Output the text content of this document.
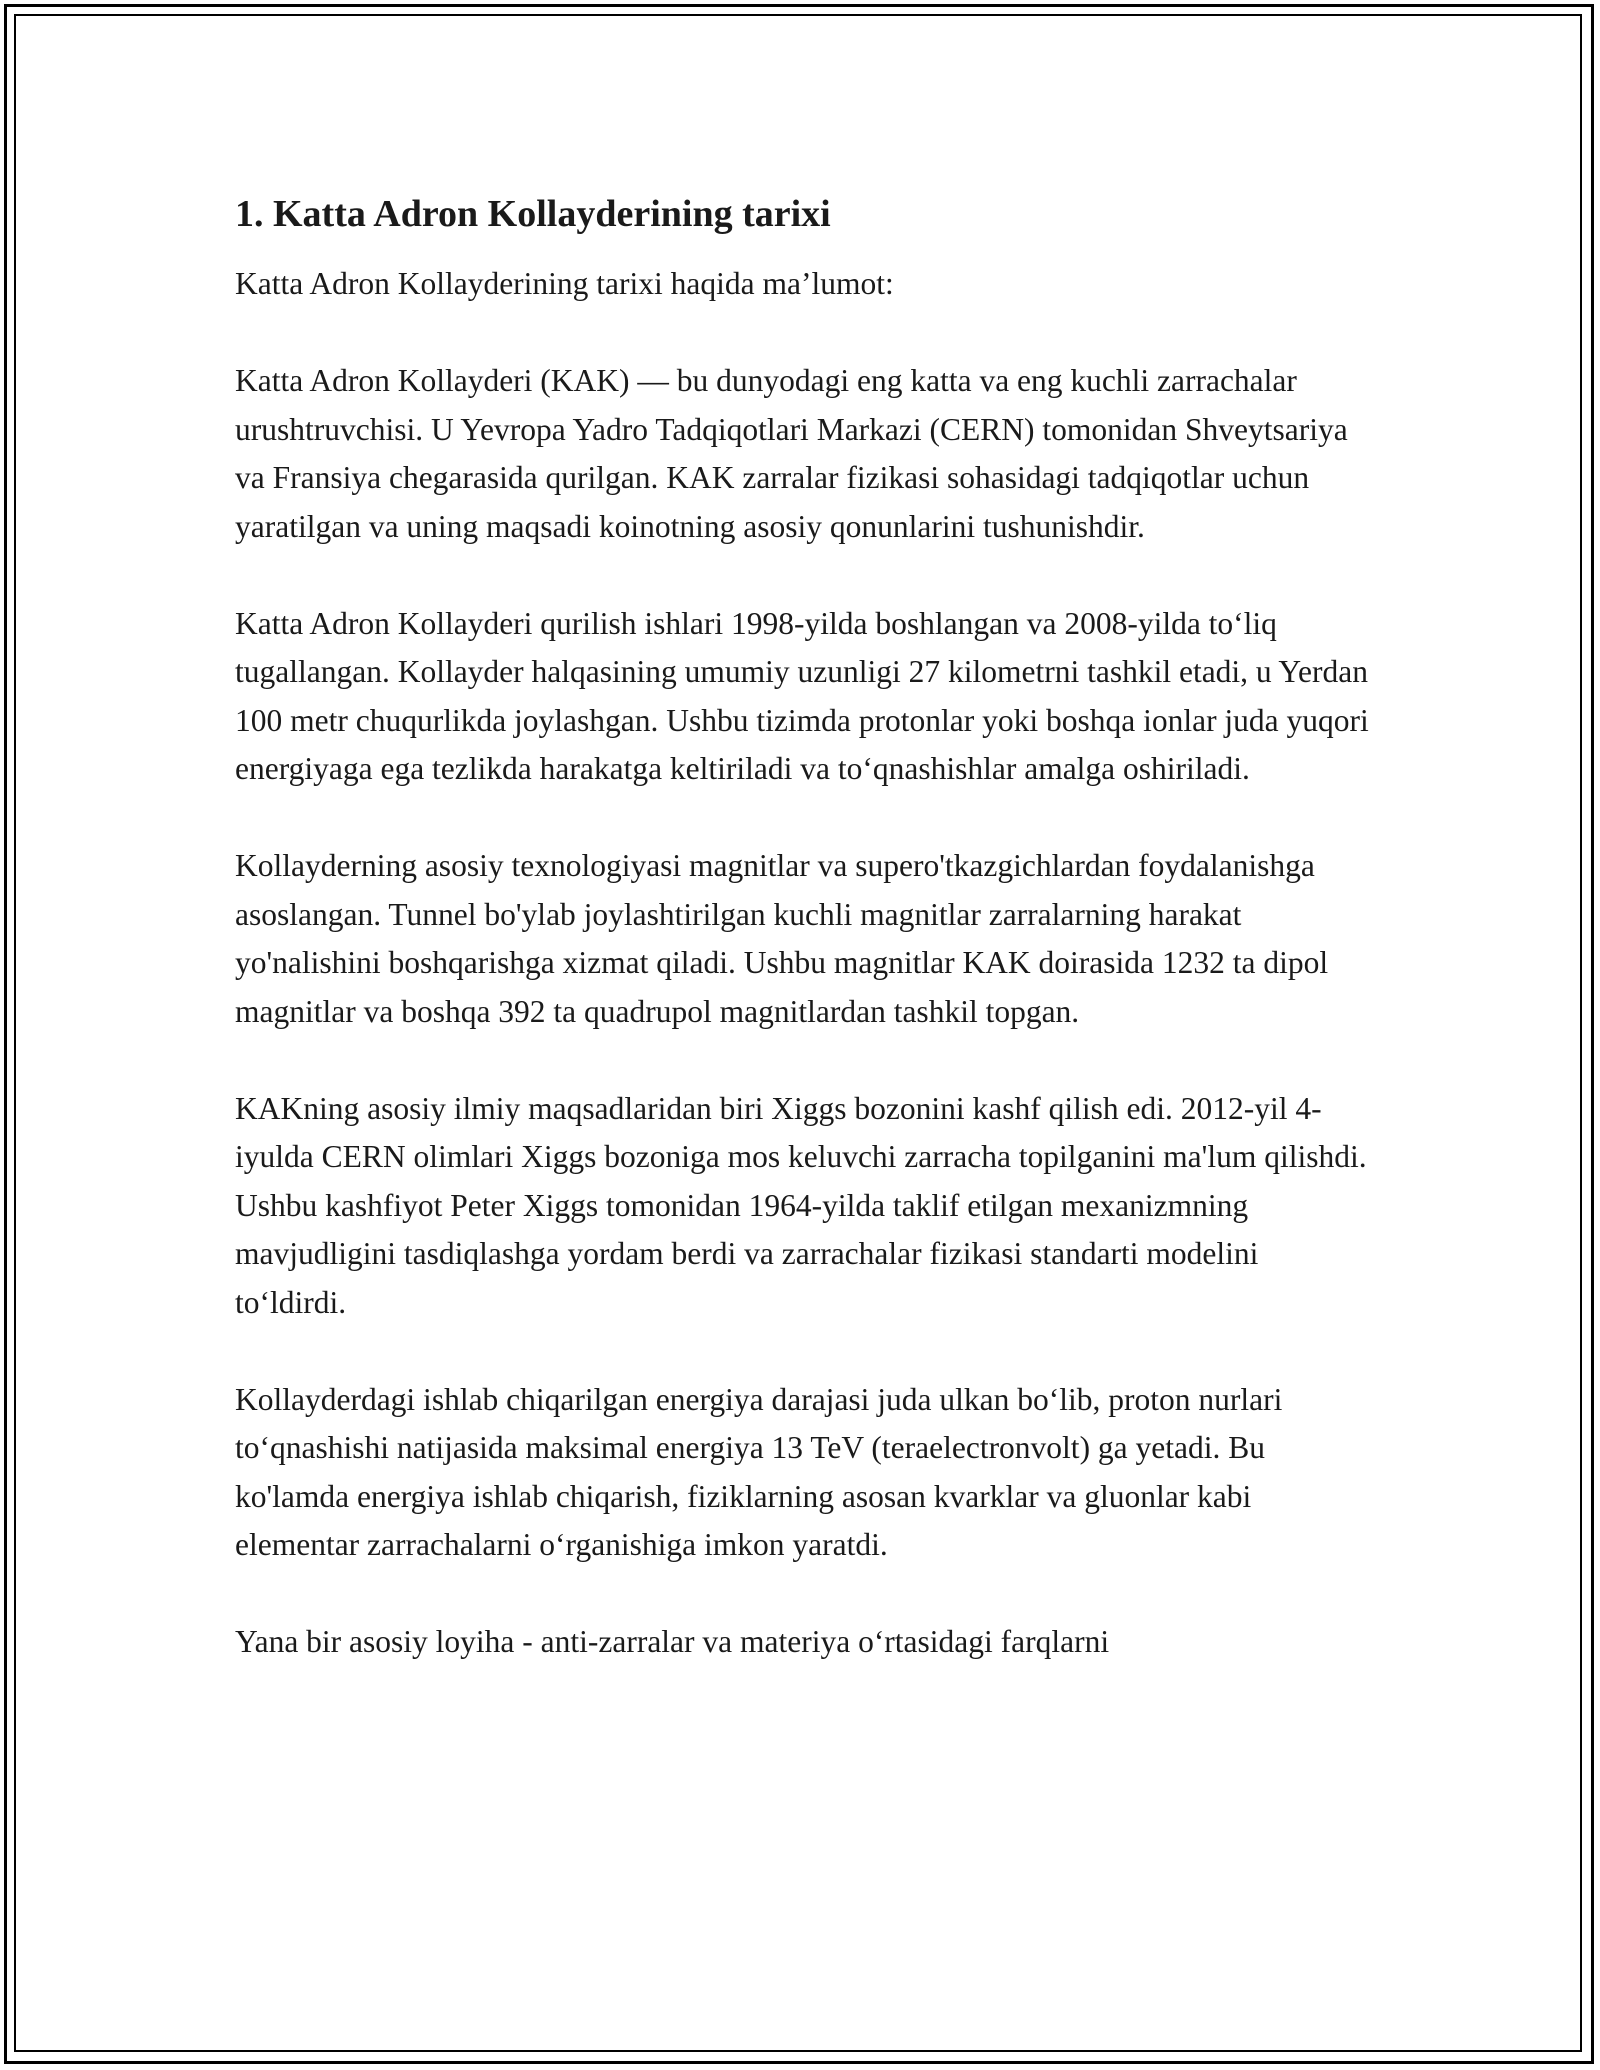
1. Katta Adron Kollayderining tarixi

Katta Adron Kollayderining tarixi haqida ma’lumot:

Katta Adron Kollayderi (KAK) — bu dunyodagi eng katta va eng kuchli zarrachalar urushtruvchisi. U Yevropa Yadro Tadqiqotlari Markazi (CERN) tomonidan Shveytsariya va Fransiya chegarasida qurilgan. KAK zarralar fizikasi sohasidagi tadqiqotlar uchun yaratilgan va uning maqsadi koinotning asosiy qonunlarini tushunishdir.

Katta Adron Kollayderi qurilish ishlari 1998-yilda boshlangan va 2008-yilda to‘liq tugallangan. Kollayder halqasining umumiy uzunligi 27 kilometrni tashkil etadi, u Yerdan 100 metr chuqurlikda joylashgan. Ushbu tizimda protonlar yoki boshqa ionlar juda yuqori energiyaga ega tezlikda harakatga keltiriladi va to‘qnashishlar amalga oshiriladi.

Kollayderning asosiy texnologiyasi magnitlar va supero'tkazgichlardan foydalanishga asoslangan. Tunnel bo'ylab joylashtirilgan kuchli magnitlar zarralarning harakat yo'nalishini boshqarishga xizmat qiladi. Ushbu magnitlar KAK doirasida 1232 ta dipol magnitlar va boshqa 392 ta quadrupol magnitlardan tashkil topgan.

KAKning asosiy ilmiy maqsadlaridan biri Xiggs bozonini kashf qilish edi. 2012-yil 4-iyulda CERN olimlari Xiggs bozoniga mos keluvchi zarracha topilganini ma'lum qilishdi. Ushbu kashfiyot Peter Xiggs tomonidan 1964-yilda taklif etilgan mexanizmning mavjudligini tasdiqlashga yordam berdi va zarrachalar fizikasi standarti modelini to‘ldirdi.

Kollayderdagi ishlab chiqarilgan energiya darajasi juda ulkan bo‘lib, proton nurlari to‘qnashishi natijasida maksimal energiya 13 TeV (teraelectronvolt) ga yetadi. Bu ko'lamda energiya ishlab chiqarish, fiziklarning asosan kvarklar va gluonlar kabi elementar zarrachalarni o‘rganishiga imkon yaratdi.

Yana bir asosiy loyiha - anti-zarralar va materiya o‘rtasidagi farqlarni
